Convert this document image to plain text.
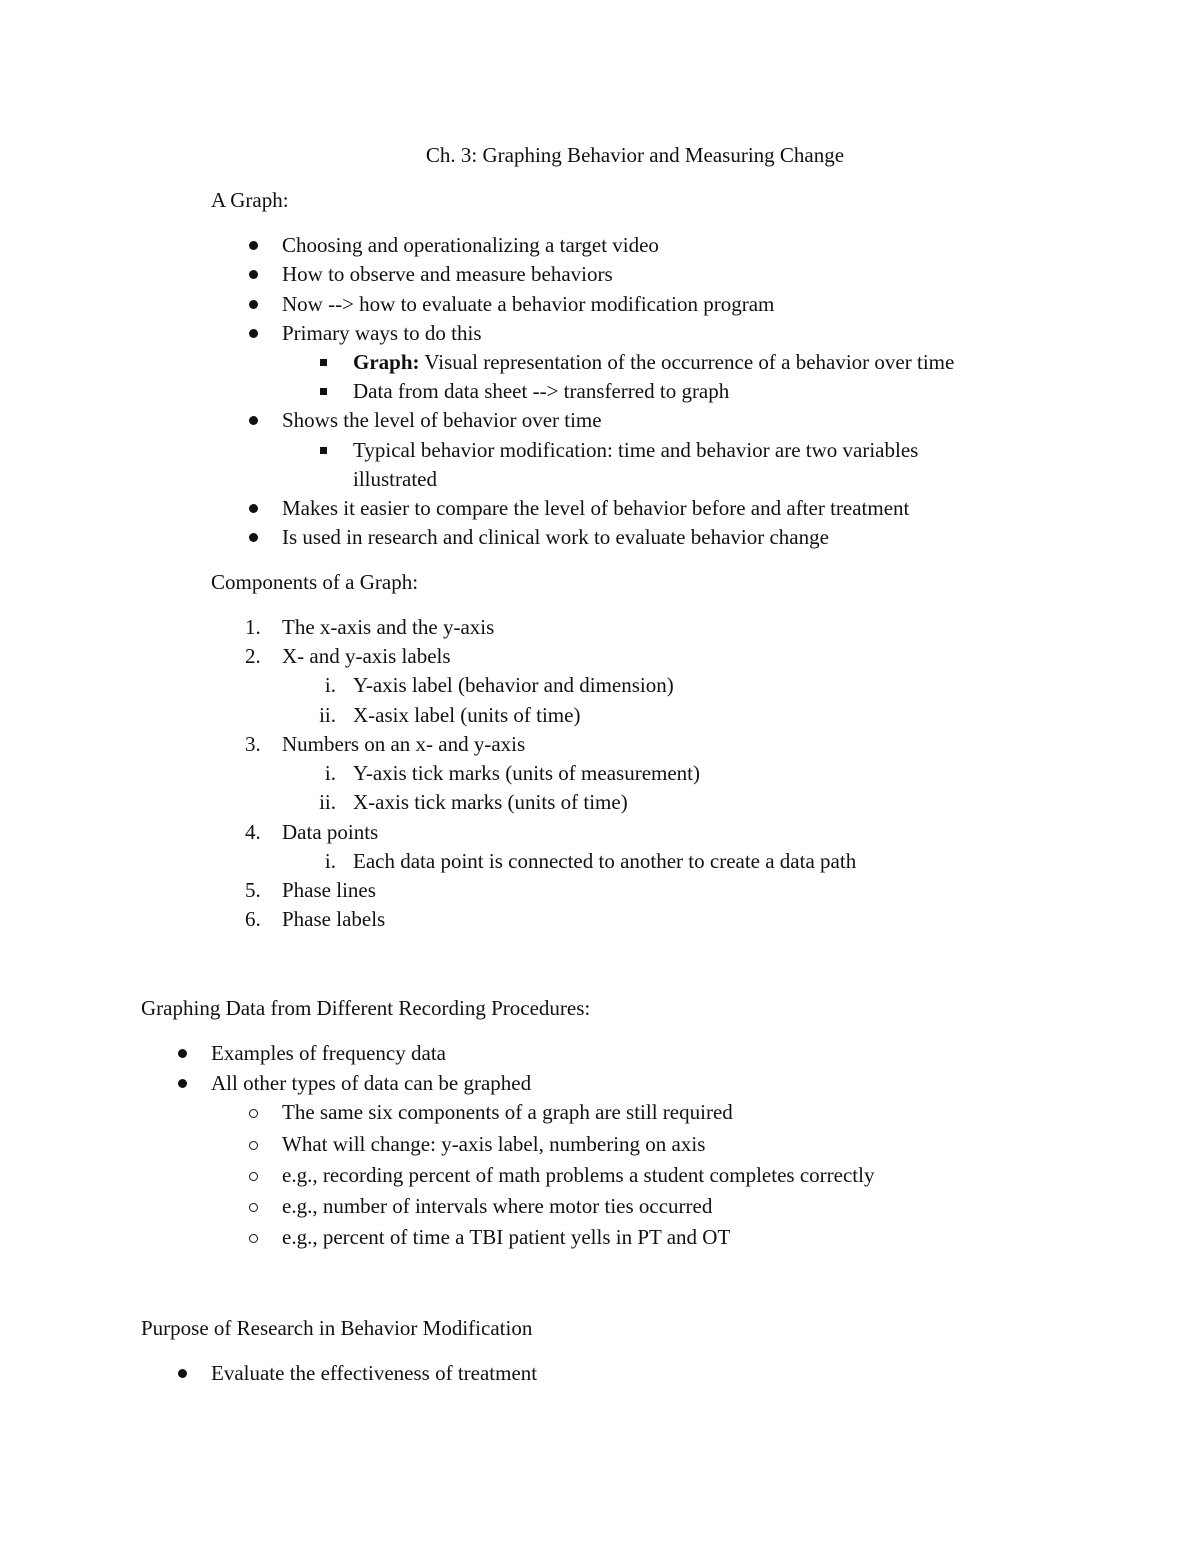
Ch. 3: Graphing Behavior and Measuring Change
A Graph:
Choosing and operationalizing a target video
How to observe and measure behaviors
Now --> how to evaluate a behavior modification program
Primary ways to do this
Graph: Visual representation of the occurrence of a behavior over time
Data from data sheet --> transferred to graph
Shows the level of behavior over time
Typical behavior modification: time and behavior are two variables
illustrated
Makes it easier to compare the level of behavior before and after treatment
Is used in research and clinical work to evaluate behavior change
Components of a Graph:
1. The x-axis and the y-axis
2. X- and y-axis labels
i. Y-axis label (behavior and dimension)
ii. X-asix label (units of time)
3. Numbers on an x- and y-axis
i. Y-axis tick marks (units of measurement)
ii. X-axis tick marks (units of time)
4. Data points
i. Each data point is connected to another to create a data path
5. Phase lines
6. Phase labels
Graphing Data from Different Recording Procedures:
Examples of frequency data
All other types of data can be graphed
The same six components of a graph are still required
What will change: y-axis label, numbering on axis
e.g., recording percent of math problems a student completes correctly
e.g., number of intervals where motor ties occurred
e.g., percent of time a TBI patient yells in PT and OT
Purpose of Research in Behavior Modification
Evaluate the effectiveness of treatment
